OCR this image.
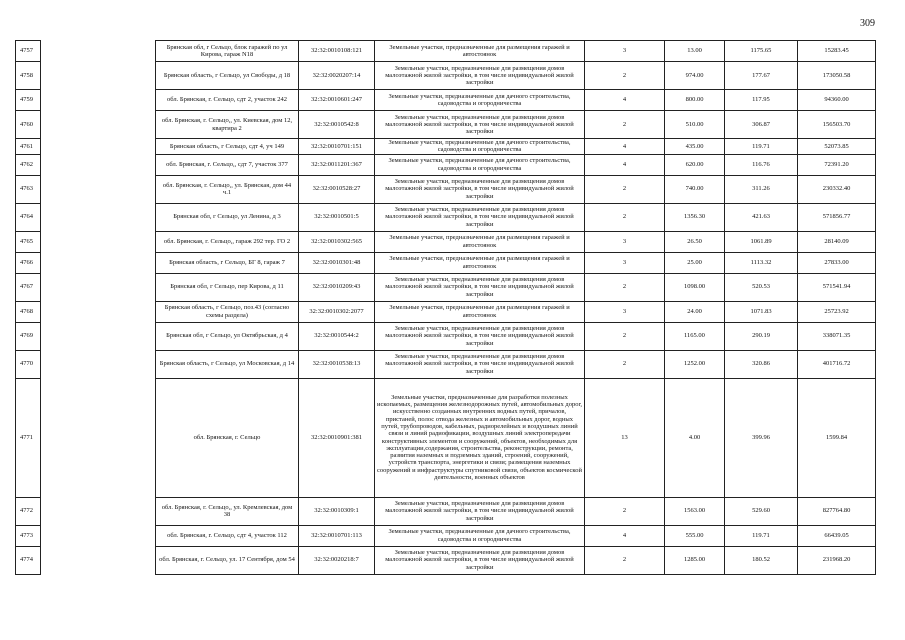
309
4757		Брянская обл, г Сельцо, блок гаражей по ул Кирова, гараж N18	32:32:0010108:121	Земельные участки, предназначенные для размещения гаражей и автостоянок	3	13.00	1175.65	15283.45
4758		Брянская область, г Сельцо, ул Свободы, д 18	32:32:0020207:14	Земельные участки, предназначенные для размещения домов малоэтажной жилой застройки, в том числе индивидуальной жилой застройки	2	974.00	177.67	173050.58
4759		обл. Брянская, г. Сельцо, сдт 2, участок 242	32:32:0010601:247	Земельные участки, предназначенные для дачного строительства, садоводства и огородничества	4	800.00	117.95	94360.00
4760		обл. Брянская, г. Сельцо,, ул. Киевская, дом 12, квартира 2	32:32:0010542:8	Земельные участки, предназначенные для размещения домов малоэтажной жилой застройки, в том числе индивидуальной жилой застройки	2	510.00	306.87	156503.70
4761		Брянская область, г Сельцо, сдт 4, уч 149	32:32:0010701:151	Земельные участки, предназначенные для дачного строительства, садоводства и огородничества	4	435.00	119.71	52073.85
4762		обл. Брянская, г. Сельцо,, сдт 7, участок 377	32:32:0011201:367	Земельные участки, предназначенные для дачного строительства, садоводства и огородничества	4	620.00	116.76	72391.20
4763		обл. Брянская, г. Сельцо,, ул. Брянская, дом 44 ч.1	32:32:0010528:27	Земельные участки, предназначенные для размещения домов малоэтажной жилой застройки, в том числе индивидуальной жилой застройки	2	740.00	311.26	230332.40
4764		Брянская обл, г Сельцо, ул Ленина, д 3	32:32:0010501:5	Земельные участки, предназначенные для размещения домов малоэтажной жилой застройки, в том числе индивидуальной жилой застройки	2	1356.30	421.63	571856.77
4765		обл. Брянская, г. Сельцо,, гараж 292 тер. ГО 2	32:32:0010302:565	Земельные участки, предназначенные для размещения гаражей и автостоянок	3	26.50	1061.89	28140.09
4766		Брянская область, г Сельцо, БГ 8, гараж 7	32:32:0010301:48	Земельные участки, предназначенные для размещения гаражей и автостоянок	3	25.00	1113.32	27833.00
4767		Брянская обл, г Сельцо, пер Кирова, д 11	32:32:0010209:43	Земельные участки, предназначенные для размещения домов малоэтажной жилой застройки, в том числе индивидуальной жилой застройки	2	1098.00	520.53	571541.94
4768		Брянская область, г Сельцо, поз.43 (согласно схемы раздела)	32:32:0010302:2077	Земельные участки, предназначенные для размещения гаражей и автостоянок	3	24.00	1071.83	25723.92
4769		Брянская обл, г Сельцо, ул Октябрьская, д 4	32:32:0010544:2	Земельные участки, предназначенные для размещения домов малоэтажной жилой застройки, в том числе индивидуальной жилой застройки	2	1165.00	290.19	338071.35
4770		Брянская область, г Сельцо, ул Московская, д 14	32:32:0010538:13	Земельные участки, предназначенные для размещения домов малоэтажной жилой застройки, в том числе индивидуальной жилой застройки	2	1252.00	320.86	401716.72
4771		обл. Брянская, г. Сельцо	32:32:0010901:381	Земельные участки, предназначенные для разработки полезных ископаемых, размещения железнодорожных путей, автомобильных дорог, искусственно созданных внутренних водных путей, причалов, пристаней, полос отвода железных и автомобильных дорог, водных путей, трубопроводов, кабельных, радиорелейных и воздушных линий связи и линий радиофикации, воздушных линий электропередачи конструктивных элементов и сооружений, объектов, необходимых для эксплуатации,содержания, строительства, реконструкции, ремонта, развития наземных и подземных зданий, строений, сооружений, устройств транспорта, энергетики и связи; размещения наземных сооружений и инфраструктуры спутниковой связи, объектов космической деятельности, военных объектов	13	4.00	399.96	1599.84
4772		обл. Брянская, г. Сельцо,, ул. Кремлевская, дом 38	32:32:0010309:1	Земельные участки, предназначенные для размещения домов малоэтажной жилой застройки, в том числе индивидуальной жилой застройки	2	1563.00	529.60	827764.80
4773		обл. Брянская, г. Сельцо, сдт 4, участок 112	32:32:0010701:113	Земельные участки, предназначенные для дачного строительства, садоводства и огородничества	4	555.00	119.71	66439.05
4774		обл. Брянская, г. Сельцо, ул. 17 Сентября, дом 54	32:32:0020218:7	Земельные участки, предназначенные для размещения домов малоэтажной жилой застройки, в том числе индивидуальной жилой застройки	2	1285.00	180.52	231968.20
